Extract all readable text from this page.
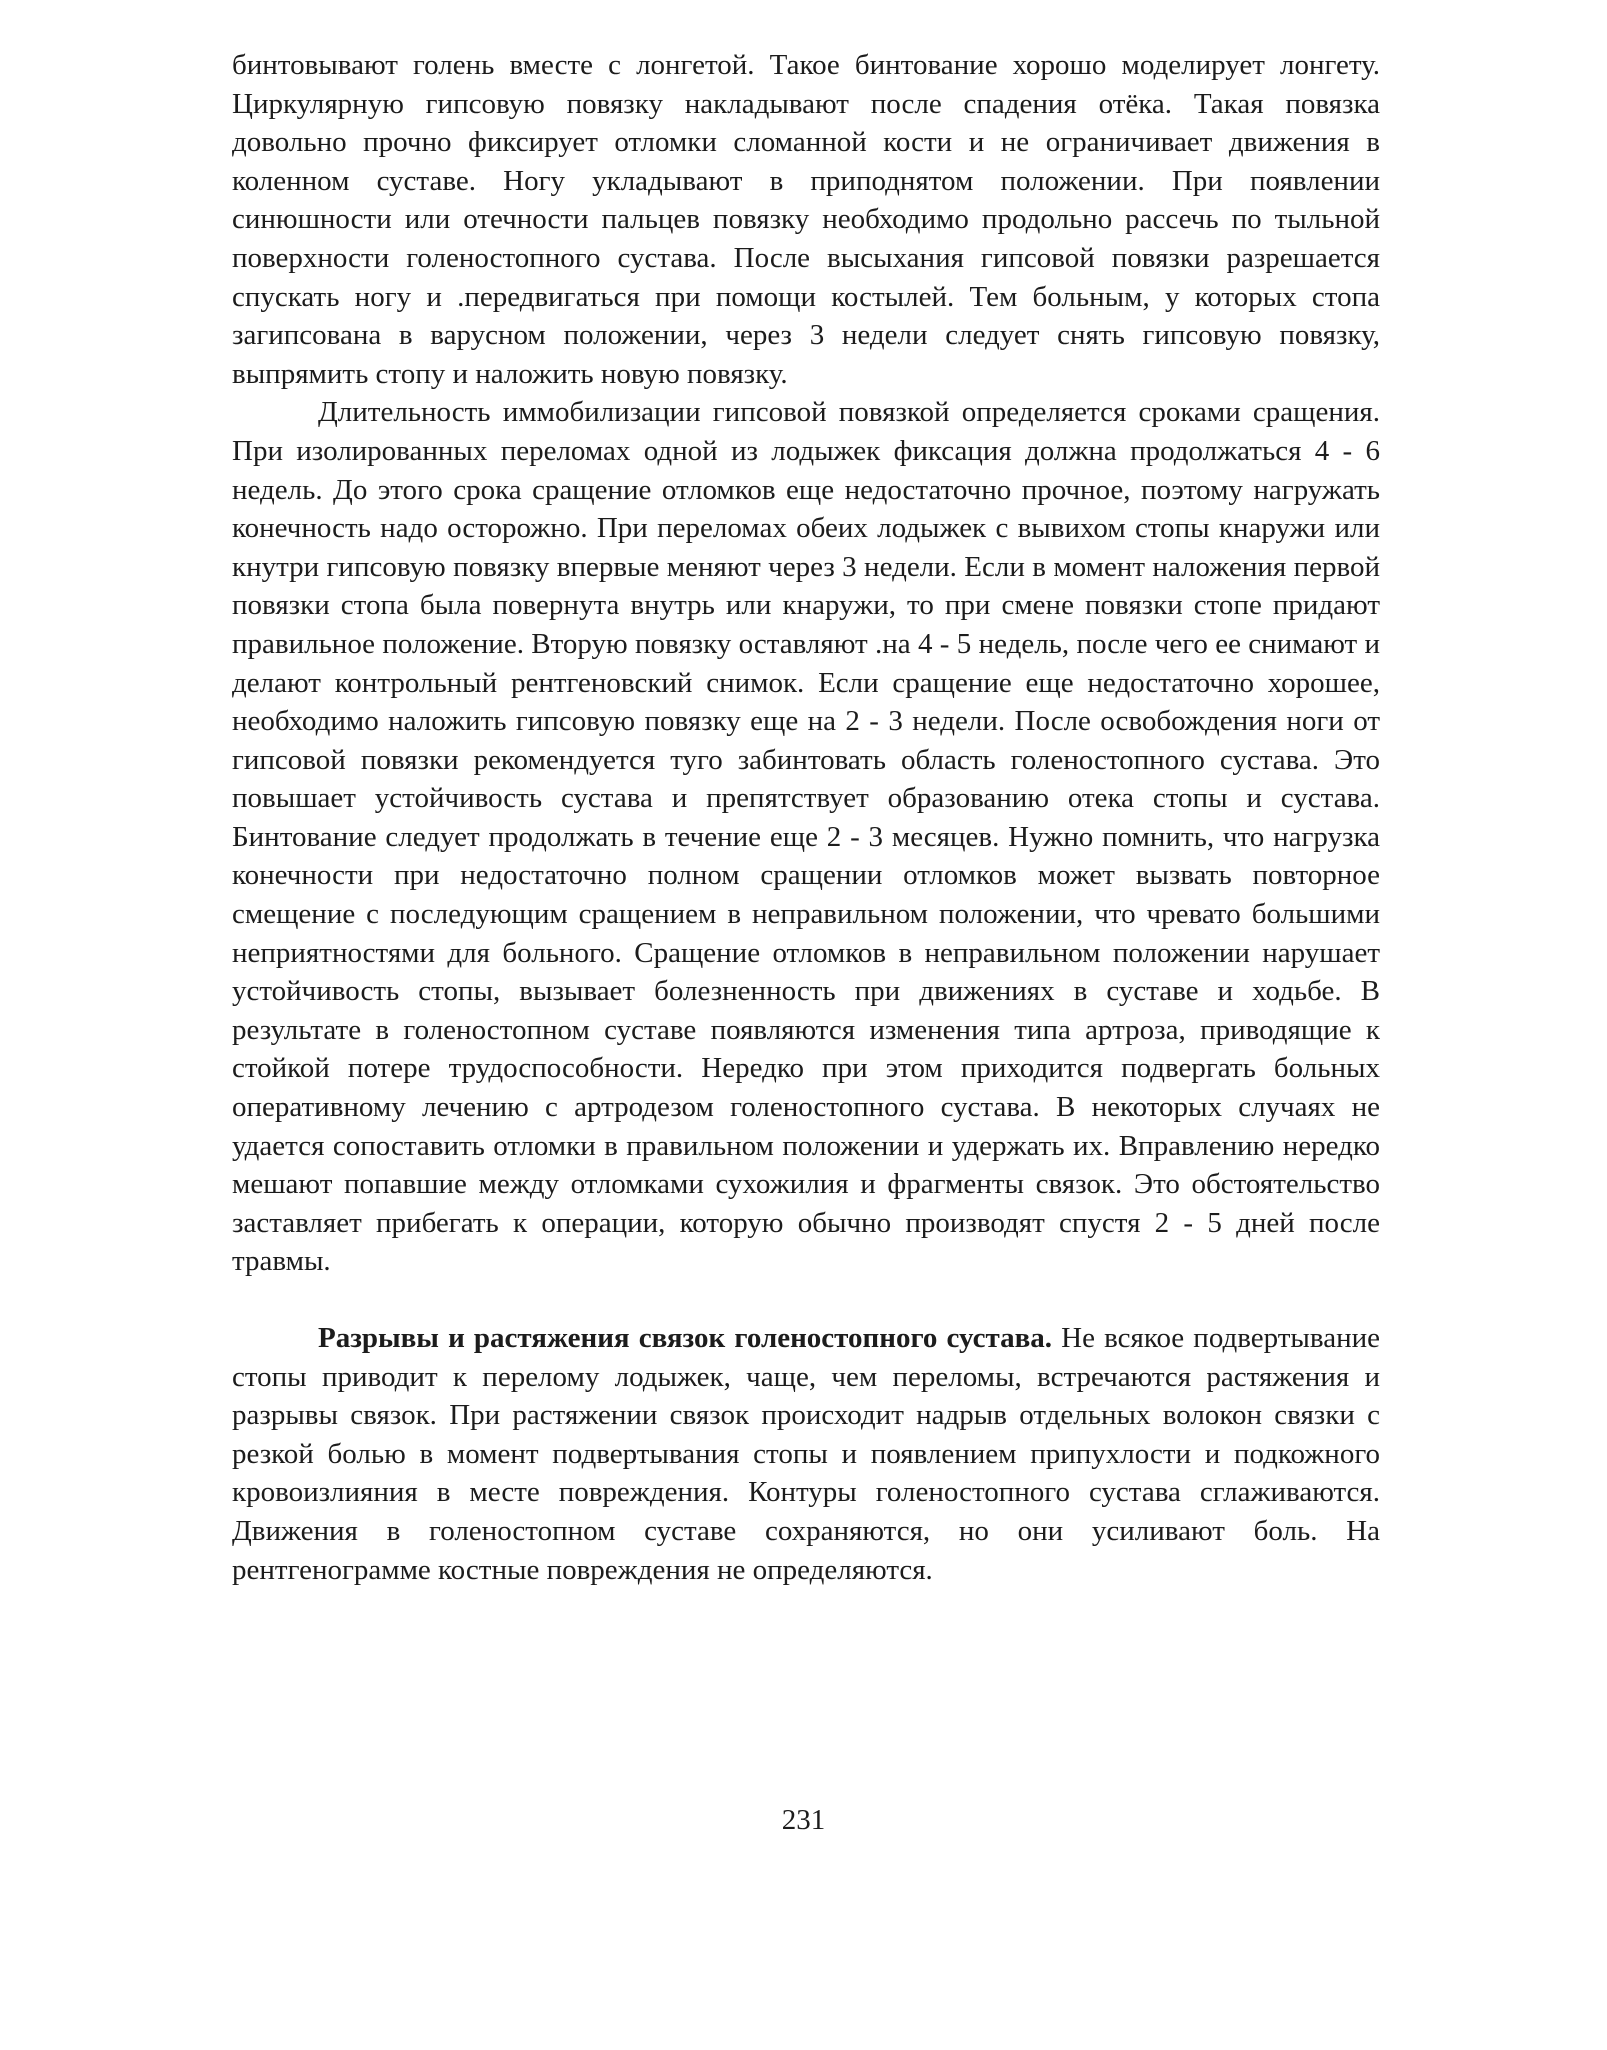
бинтовывают голень вместе с лонгетой. Такое бинтование хорошо моделирует лонгету. Циркулярную гипсовую повязку накладывают после спадения отёка. Такая повязка довольно прочно фиксирует отломки сломанной кости и не ограничивает движения в коленном суставе. Ногу укладывают в приподнятом положении. При появлении синюшности или отечности пальцев повязку необходимо продольно рассечь по тыльной поверхности голеностопного сустава. После высыхания гипсовой повязки разрешается спускать ногу и .передвигаться при помощи костылей. Тем больным, у которых стопа загипсована в варусном положении, через 3 недели следует снять гипсовую повязку, выпрямить стопу и наложить новую повязку.

Длительность иммобилизации гипсовой повязкой определяется сроками сращения. При изолированных переломах одной из лодыжек фиксация должна продолжаться 4 - 6 недель. До этого срока сращение отломков еще недостаточно прочное, поэтому нагружать конечность надо осторожно. При переломах обеих лодыжек с вывихом стопы кнаружи или кнутри гипсовую повязку впервые меняют через 3 недели. Если в момент наложения первой повязки стопа была повернута внутрь или кнаружи, то при смене повязки стопе придают правильное положение. Вторую повязку оставляют .на 4 - 5 недель, после чего ее снимают и делают контрольный рентгеновский снимок. Если сращение еще недостаточно хорошее, необходимо наложить гипсовую повязку еще на 2 - 3 недели. После освобождения ноги от гипсовой повязки рекомендуется туго забинтовать область голеностопного сустава. Это повышает устойчивость сустава и препятствует образованию отека стопы и сустава. Бинтование следует продолжать в течение еще 2 - 3 месяцев. Нужно помнить, что нагрузка конечности при недостаточно полном сращении отломков может вызвать повторное смещение с последующим сращением в неправильном положении, что чревато большими неприятностями для больного. Сращение отломков в неправильном положении нарушает устойчивость стопы, вызывает болезненность при движениях в суставе и ходьбе. В результате в голеностопном суставе появляются изменения типа артроза, приводящие к стойкой потере трудоспособности. Нередко при этом приходится подвергать больных оперативному лечению с артродезом голеностопного сустава. В некоторых случаях не удается сопоставить отломки в правильном положении и удержать их. Вправлению нередко мешают попавшие между отломками сухожилия и фрагменты связок. Это обстоятельство заставляет прибегать к операции, которую обычно производят спустя 2 - 5 дней после травмы.

Разрывы и растяжения связок голеностопного сустава. Не всякое подвертывание стопы приводит к перелому лодыжек, чаще, чем переломы, встречаются растяжения и разрывы связок. При растяжении связок происходит надрыв отдельных волокон связки с резкой болью в момент подвертывания стопы и появлением припухлости и подкожного кровоизлияния в месте повреждения. Контуры голеностопного сустава сглаживаются. Движения в голеностопном суставе сохраняются, но они усиливают боль. На рентгенограмме костные повреждения не определяются.

231
